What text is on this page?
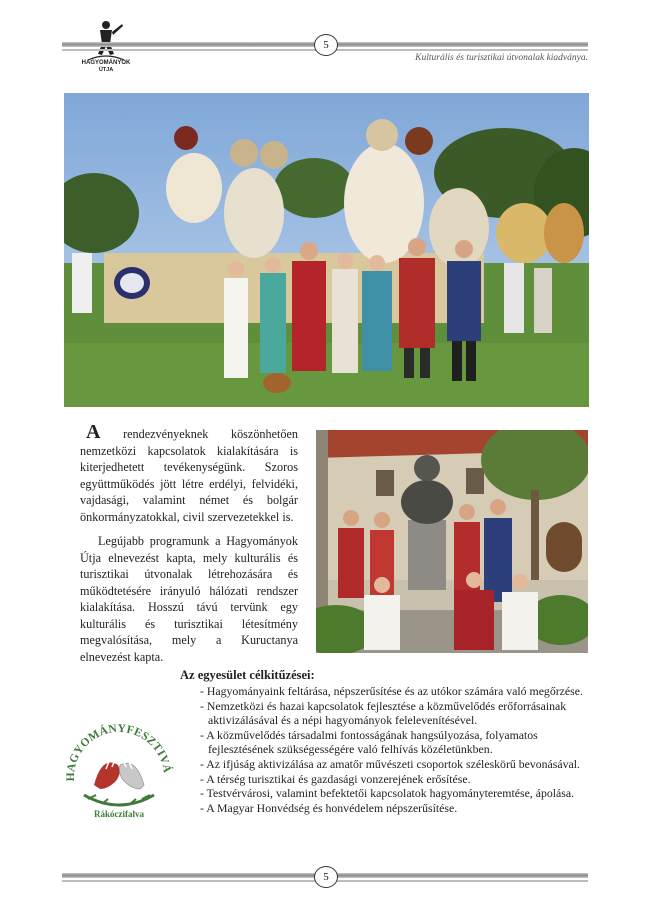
HAGYOMÁNYOK
ÚTJA
5
Kulturális és turisztikai útvonalak kiadványa.
A rendezvényeknek köszönhetően nemzetközi kapcsolatok kialakítására is kiterjedhetett tevékenységünk. Szoros együttműködés jött létre erdélyi, felvidéki, vajdasági, valamint német és bolgár önkormányzatokkal, civil szervezetekkel is.
Legújabb programunk a Hagyományok Útja elnevezést kapta, mely kulturális és turisztikai útvonalak létrehozására és működtetésére irányuló hálózati rendszer kialakítása. Hosszú távú tervünk egy kulturális és turisztikai létesítmény megvalósítása, mely a Kuructanya elnevezést kapta.
Az egyesület célkitűzései:
- Hagyományaink feltárása, népszerűsítése és az utókor számára való megőrzése.
- Nemzetközi és hazai kapcsolatok fejlesztése a közművelődés erőforrásainak aktivizálásával és a népi hagyományok felelevenítésével.
- A közművelődés társadalmi fontosságának hangsúlyozása, folyamatos fejlesztésének szükségességére való felhívás közéletünkben.
- Az ifjúság aktivizálása az amatőr művészeti csoportok széleskörű bevonásával.
- A térség turisztikai és gazdasági vonzerejének erősítése.
- Testvérvárosi, valamint befektetői kapcsolatok hagyományteremtése, ápolása.
- A Magyar Honvédség és honvédelem népszerűsítése.
HAGYOMÁNYFESZTIVÁ
Rákóczifalva
5
